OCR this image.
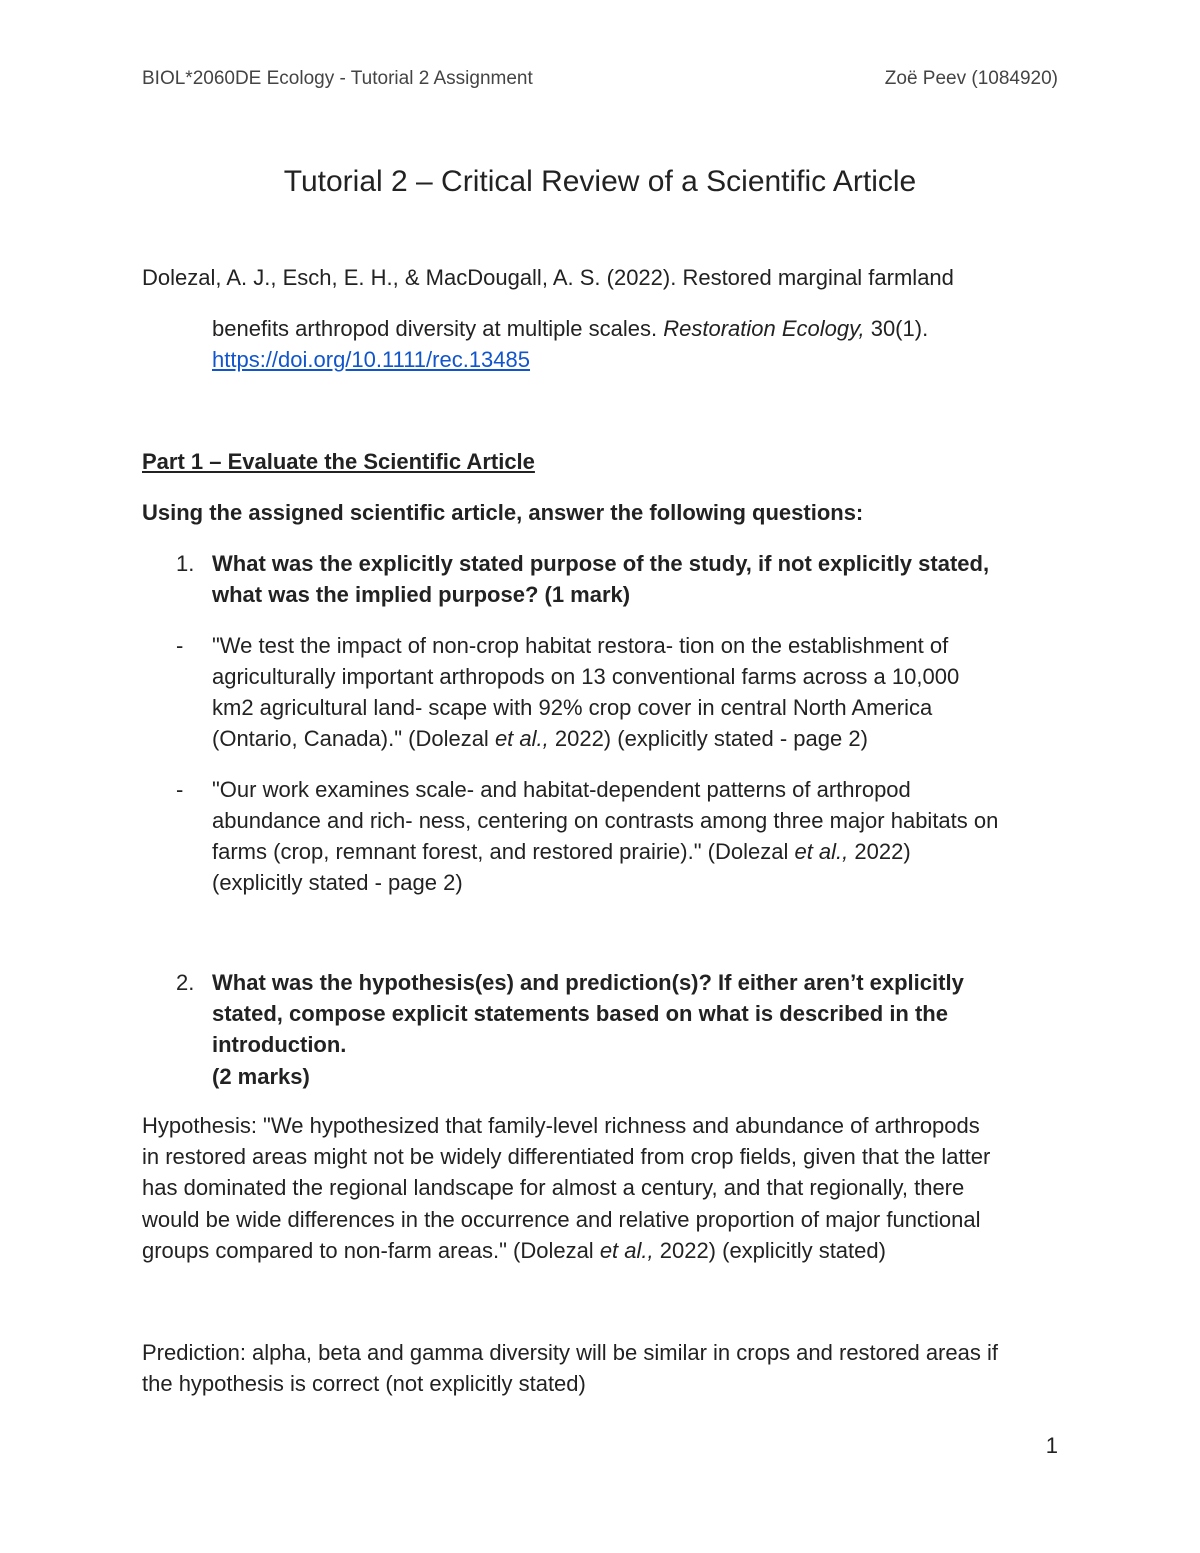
BIOL*2060DE Ecology - Tutorial 2 Assignment	Zoë Peev (1084920)
Tutorial 2 – Critical Review of a Scientific Article
Dolezal, A. J., Esch, E. H., & MacDougall, A. S. (2022). Restored marginal farmland
benefits arthropod diversity at multiple scales. Restoration Ecology, 30(1).
https://doi.org/10.1111/rec.13485
Part 1 – Evaluate the Scientific Article
Using the assigned scientific article, answer the following questions:
1. What was the explicitly stated purpose of the study, if not explicitly stated,
what was the implied purpose? (1 mark)
- "We test the impact of non-crop habitat restora- tion on the establishment of
agriculturally important arthropods on 13 conventional farms across a 10,000
km2 agricultural land- scape with 92% crop cover in central North America
(Ontario, Canada)." (Dolezal et al., 2022) (explicitly stated - page 2)
- "Our work examines scale- and habitat-dependent patterns of arthropod
abundance and rich- ness, centering on contrasts among three major habitats on
farms (crop, remnant forest, and restored prairie)." (Dolezal et al., 2022)
(explicitly stated - page 2)
2. What was the hypothesis(es) and prediction(s)? If either aren’t explicitly
stated, compose explicit statements based on what is described in the
introduction.
(2 marks)
Hypothesis: "We hypothesized that family-level richness and abundance of arthropods
in restored areas might not be widely differentiated from crop fields, given that the latter
has dominated the regional landscape for almost a century, and that regionally, there
would be wide differences in the occurrence and relative proportion of major functional
groups compared to non-farm areas." (Dolezal et al., 2022) (explicitly stated)
Prediction: alpha, beta and gamma diversity will be similar in crops and restored areas if
the hypothesis is correct (not explicitly stated)
1
